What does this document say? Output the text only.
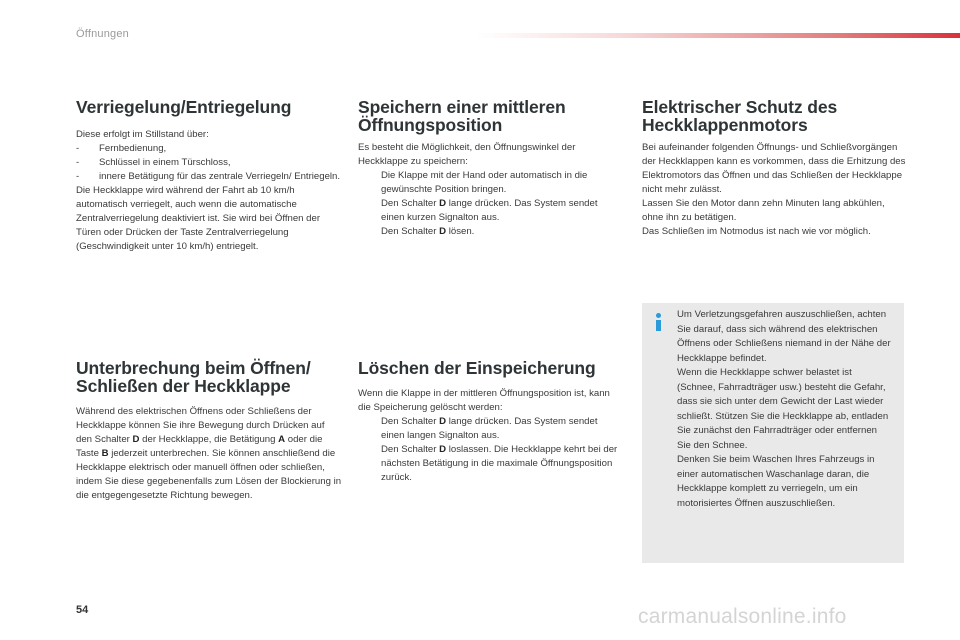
Öffnungen
Verriegelung/Entriegelung

Diese erfolgt im Stillstand über:

-	Fernbedienung,
-	Schlüssel in einem Türschloss,
-	innere Betätigung für das zentrale Verriegeln/ Entriegeln.

Die Heckklappe wird während der Fahrt ab 10 km/h automatisch verriegelt, auch wenn die automatische Zentralverriegelung deaktiviert ist. Sie wird bei Öffnen der Türen oder Drücken der Taste Zentralverriegelung (Geschwindigkeit unter 10 km/h) entriegelt.

Unterbrechung beim Öffnen/ Schließen der Heckklappe

Während des elektrischen Öffnens oder Schließens der Heckklappe können Sie ihre Bewegung durch Drücken auf den Schalter D der Heckklappe, die Betätigung A oder die Taste B jederzeit unterbrechen. Sie können anschließend die Heckklappe elektrisch oder manuell öffnen oder schließen, indem Sie diese gegebenenfalls zum Lösen der Blockierung in die entgegengesetzte Richtung bewegen.

Speichern einer mittleren Öffnungsposition

Es besteht die Möglichkeit, den Öffnungswinkel der Heckklappe zu speichern:

Die Klappe mit der Hand oder automatisch in die gewünschte Position bringen.
Den Schalter D lange drücken. Das System sendet einen kurzen Signalton aus.
Den Schalter D lösen.
Löschen der Einspeicherung

Wenn die Klappe in der mittleren Öffnungsposition ist, kann die Speicherung gelöscht werden:

Den Schalter D lange drücken. Das System sendet einen langen Signalton aus.
Den Schalter D loslassen. Die Heckklappe kehrt bei der nächsten Betätigung in die maximale Öffnungsposition zurück.
Elektrischer Schutz des Heckklappenmotors

Bei aufeinander folgenden Öffnungs- und Schließvorgängen der Heckklappen kann es vorkommen, dass die Erhitzung des Elektromotors das Öffnen und das Schließen der Heckklappe nicht mehr zulässt.

Lassen Sie den Motor dann zehn Minuten lang abkühlen, ohne ihn zu betätigen.

Das Schließen im Notmodus ist nach wie vor möglich.

Um Verletzungsgefahren auszuschließen, achten Sie darauf, dass sich während des elektrischen Öffnens oder Schließens niemand in der Nähe der Heckklappe befindet.

Wenn die Heckklappe schwer belastet ist (Schnee, Fahrradträger usw.) besteht die Gefahr, dass sie sich unter dem Gewicht der Last wieder schließt. Stützen Sie die Heckklappe ab, entladen Sie zunächst den Fahrradträger oder entfernen Sie den Schnee.

Denken Sie beim Waschen Ihres Fahrzeugs in einer automatischen Waschanlage daran, die Heckklappe komplett zu verriegeln, um ein motorisiertes Öffnen auszuschließen.

54	carmanualsonline.info
